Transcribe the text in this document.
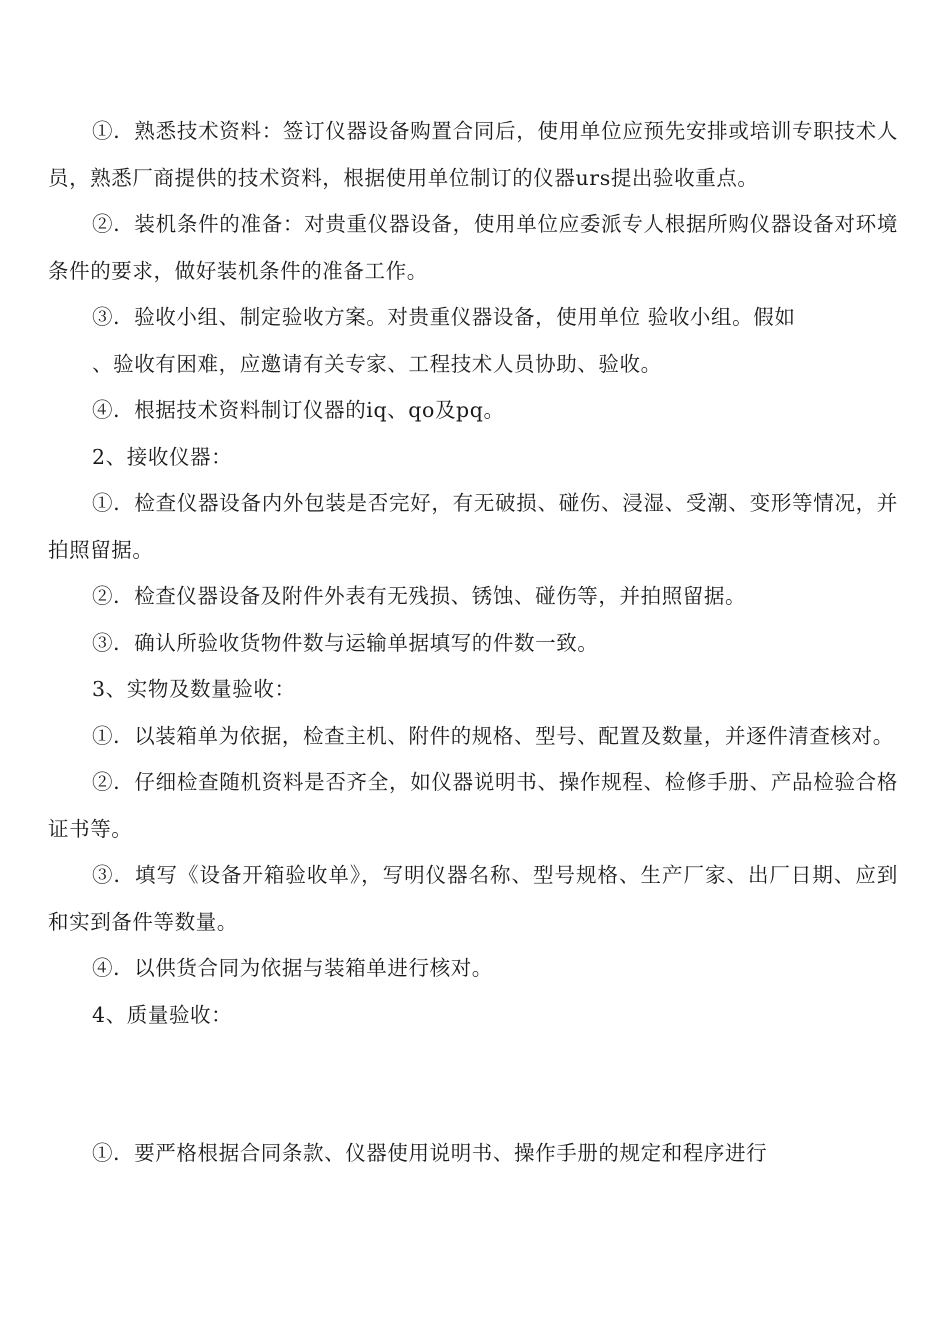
①．熟悉技术资料：签订仪器设备购置合同后，使用单位应预先安排或培训专职技术人员，熟悉厂商提供的技术资料，根据使用单位制订的仪器urs提出验收重点。

②．装机条件的准备：对贵重仪器设备，使用单位应委派专人根据所购仪器设备对环境条件的要求，做好装机条件的准备工作。

③．验收小组、制定验收方案。对贵重仪器设备，使用单位 验收小组。假如

、验收有困难，应邀请有关专家、工程技术人员协助、验收。

④．根据技术资料制订仪器的iq、qo及pq。

2、接收仪器：

①．检查仪器设备内外包装是否完好，有无破损、碰伤、浸湿、受潮、变形等情况，并拍照留据。

②．检查仪器设备及附件外表有无残损、锈蚀、碰伤等，并拍照留据。

③．确认所验收货物件数与运输单据填写的件数一致。

3、实物及数量验收：

①．以装箱单为依据，检查主机、附件的规格、型号、配置及数量，并逐件清查核对。

②．仔细检查随机资料是否齐全，如仪器说明书、操作规程、检修手册、产品检验合格证书等。

③．填写《设备开箱验收单》，写明仪器名称、型号规格、生产厂家、出厂日期、应到和实到备件等数量。

④．以供货合同为依据与装箱单进行核对。

4、质量验收：

①．要严格根据合同条款、仪器使用说明书、操作手册的规定和程序进行
